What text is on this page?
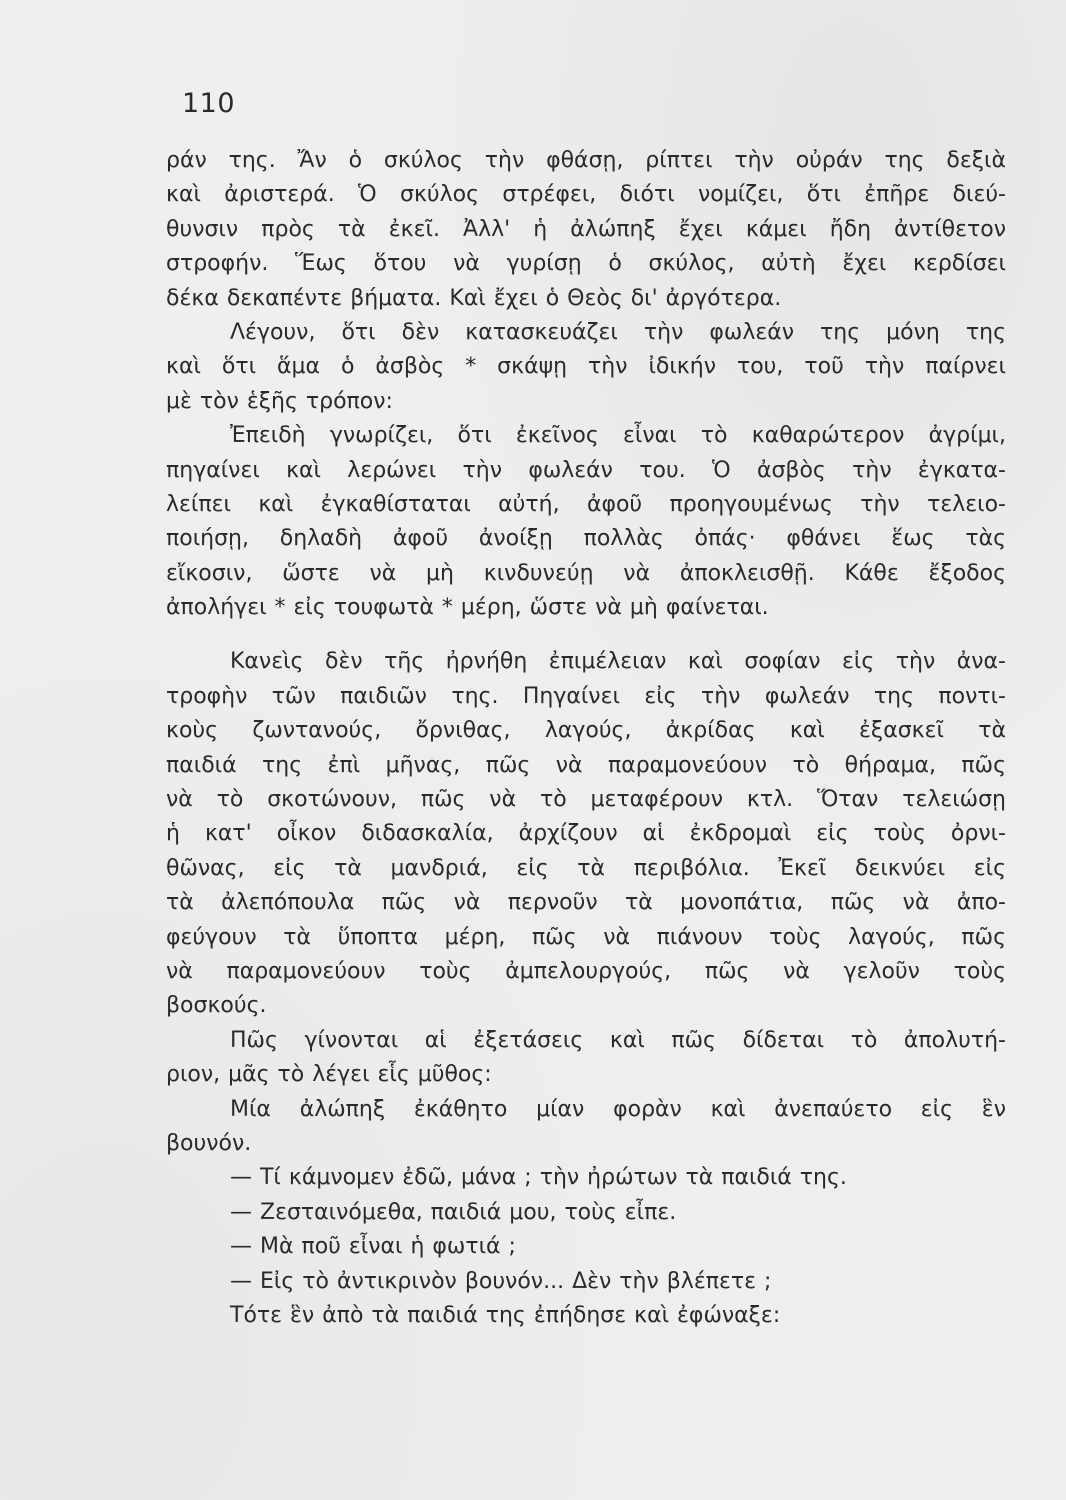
110
ράν της. Ἄν ὁ σκύλος τὴν φθάσῃ, ρίπτει τὴν οὐράν της δεξιὰ
καὶ ἀριστερά. Ὁ σκύλος στρέφει, διότι νομίζει, ὅτι ἐπῆρε διεύ-
θυνσιν πρὸς τὰ ἐκεῖ. Ἀλλ' ἡ ἀλώπηξ ἔχει κάμει ἤδη ἀντίθετον
στροφήν. Ἕως ὅτου νὰ γυρίσῃ ὁ σκύλος, αὐτὴ ἔχει κερδίσει
δέκα δεκαπέντε βήματα. Καὶ ἔχει ὁ Θεὸς δι' ἀργότερα.
Λέγουν, ὅτι δὲν κατασκευάζει τὴν φωλεάν της μόνη της
καὶ ὅτι ἅμα ὁ ἀσβὸς * σκάψῃ τὴν ἰδικήν του, τοῦ τὴν παίρνει
μὲ τὸν ἑξῆς τρόπον:
Ἐπειδὴ γνωρίζει, ὅτι ἐκεῖνος εἶναι τὸ καθαρώτερον ἀγρίμι,
πηγαίνει καὶ λερώνει τὴν φωλεάν του. Ὁ ἀσβὸς τὴν ἐγκατα-
λείπει καὶ ἐγκαθίσταται αὐτή, ἀφοῦ προηγουμένως τὴν τελειο-
ποιήσῃ, δηλαδὴ ἀφοῦ ἀνοίξῃ πολλὰς ὀπάς· φθάνει ἕως τὰς
εἴκοσιν, ὥστε νὰ μὴ κινδυνεύῃ νὰ ἀποκλεισθῇ. Κάθε ἔξοδος
ἀπολήγει * εἰς τουφωτὰ * μέρη, ὥστε νὰ μὴ φαίνεται.
Κανεὶς δὲν τῆς ἠρνήθη ἐπιμέλειαν καὶ σοφίαν εἰς τὴν ἀνα-
τροφὴν τῶν παιδιῶν της. Πηγαίνει εἰς τὴν φωλεάν της ποντι-
κοὺς ζωντανούς, ὄρνιθας, λαγούς, ἀκρίδας καὶ ἐξασκεῖ τὰ
παιδιά της ἐπὶ μῆνας, πῶς νὰ παραμονεύουν τὸ θήραμα, πῶς
νὰ τὸ σκοτώνουν, πῶς νὰ τὸ μεταφέρουν κτλ. Ὅταν τελειώσῃ
ἡ κατ' οἶκον διδασκαλία, ἀρχίζουν αἱ ἐκδρομαὶ εἰς τοὺς ὀρνι-
θῶνας, εἰς τὰ μανδριά, εἰς τὰ περιβόλια. Ἐκεῖ δεικνύει εἰς
τὰ ἀλεπόπουλα πῶς νὰ περνοῦν τὰ μονοπάτια, πῶς νὰ ἀπο-
φεύγουν τὰ ὕποπτα μέρη, πῶς νὰ πιάνουν τοὺς λαγούς, πῶς
νὰ παραμονεύουν τοὺς ἀμπελουργούς, πῶς νὰ γελοῦν τοὺς
βοσκούς.
Πῶς γίνονται αἱ ἐξετάσεις καὶ πῶς δίδεται τὸ ἀπολυτή-
ριον, μᾶς τὸ λέγει εἷς μῦθος:
Μία ἀλώπηξ ἐκάθητο μίαν φορὰν καὶ ἀνεπαύετο εἰς ἓν
βουνόν.
— Τί κάμνομεν ἐδῶ, μάνα ; τὴν ἠρώτων τὰ παιδιά της.
— Ζεσταινόμεθα, παιδιά μου, τοὺς εἶπε.
— Μὰ ποῦ εἶναι ἡ φωτιά ;
— Εἰς τὸ ἀντικρινὸν βουνόν... Δὲν τὴν βλέπετε ;
Τότε ἓν ἀπὸ τὰ παιδιά της ἐπήδησε καὶ ἐφώναξε:
